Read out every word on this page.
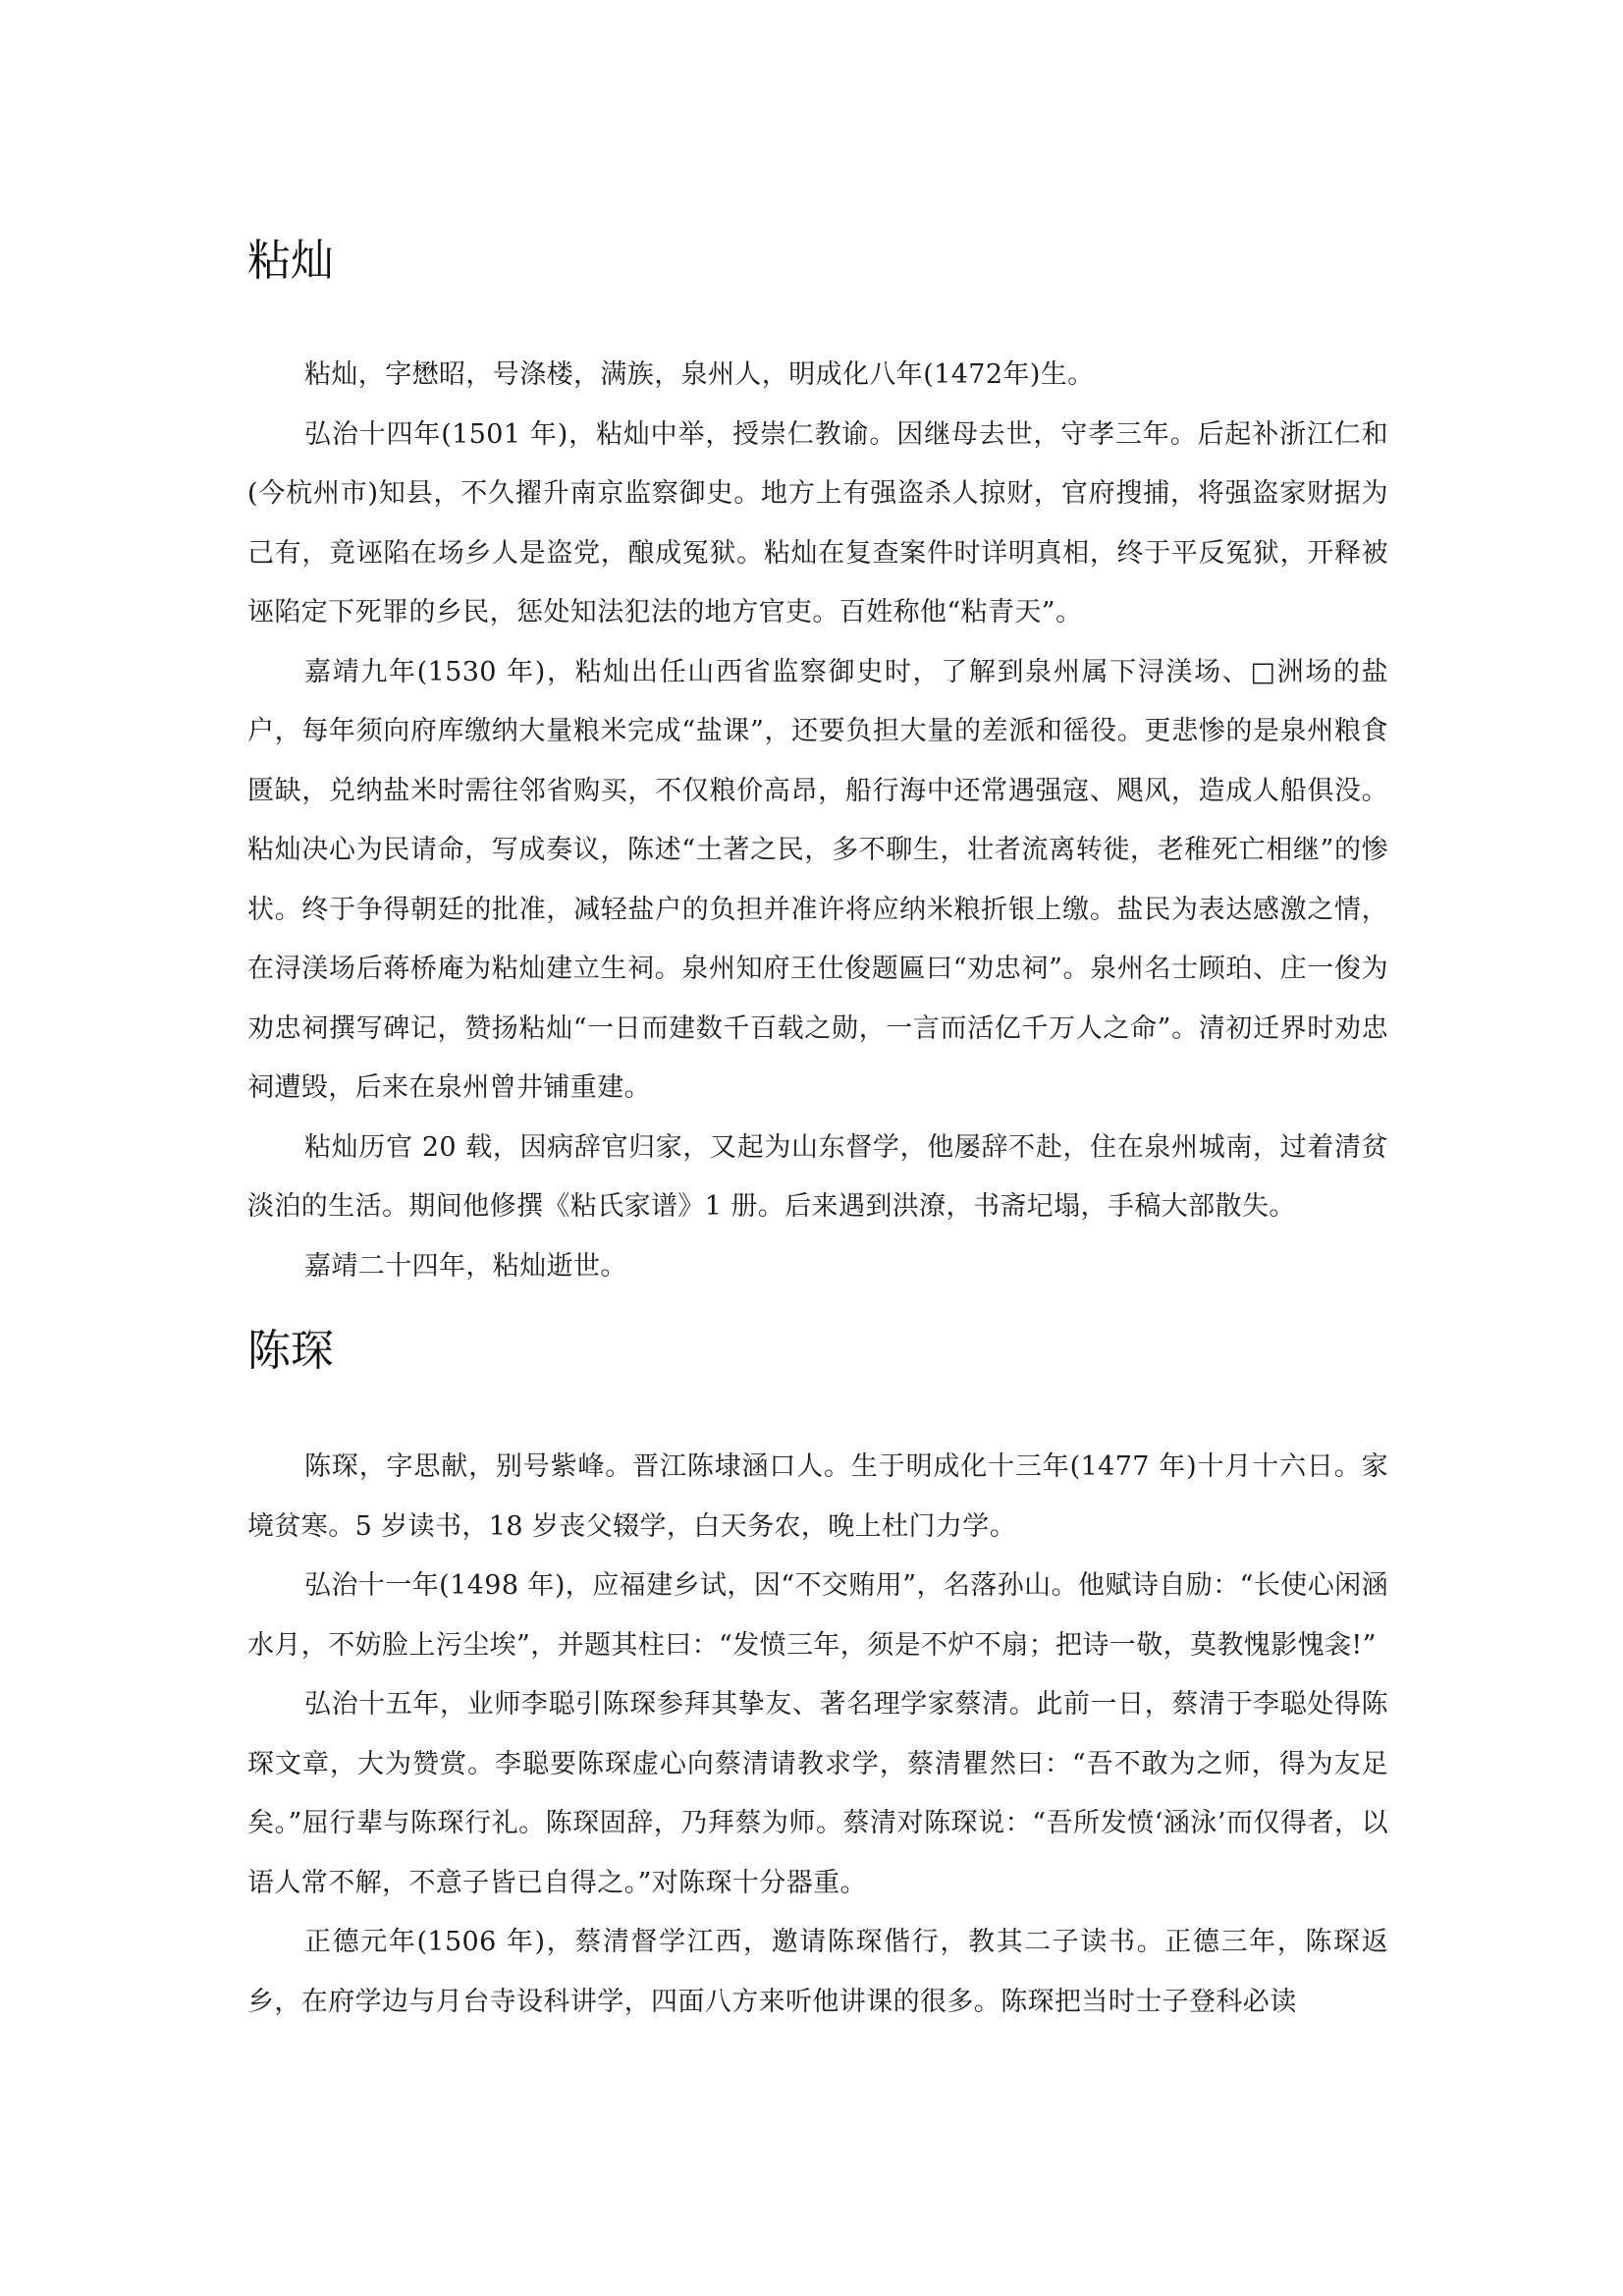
粘灿

粘灿，字懋昭，号涤楼，满族，泉州人，明成化八年(1472年)生。

弘治十四年(1501 年)，粘灿中举，授崇仁教谕。因继母去世，守孝三年。后起补浙江仁和(今杭州市)知县，不久擢升南京监察御史。地方上有强盗杀人掠财，官府搜捕，将强盗家财据为己有，竟诬陷在场乡人是盗党，酿成冤狱。粘灿在复查案件时详明真相，终于平反冤狱，开释被诬陷定下死罪的乡民，惩处知法犯法的地方官吏。百姓称他“粘青天”。

嘉靖九年(1530 年)，粘灿出任山西省监察御史时，了解到泉州属下浔渼场、□洲场的盐户，每年须向府库缴纳大量粮米完成“盐课”，还要负担大量的差派和徭役。更悲惨的是泉州粮食匮缺，兑纳盐米时需往邻省购买，不仅粮价高昂，船行海中还常遇强寇、飓风，造成人船俱没。粘灿决心为民请命，写成奏议，陈述“土著之民，多不聊生，壮者流离转徙，老稚死亡相继”的惨状。终于争得朝廷的批准，减轻盐户的负担并准许将应纳米粮折银上缴。盐民为表达感激之情，在浔渼场后蒋桥庵为粘灿建立生祠。泉州知府王仕俊题匾曰“劝忠祠”。泉州名士顾珀、庄一俊为劝忠祠撰写碑记，赞扬粘灿“一日而建数千百载之勋，一言而活亿千万人之命”。清初迁界时劝忠祠遭毁，后来在泉州曾井铺重建。

粘灿历官 20 载，因病辞官归家，又起为山东督学，他屡辞不赴，住在泉州城南，过着清贫淡泊的生活。期间他修撰《粘氏家谱》1 册。后来遇到洪潦，书斋圮塌，手稿大部散失。

嘉靖二十四年，粘灿逝世。

陈琛

陈琛，字思献，别号紫峰。晋江陈埭涵口人。生于明成化十三年(1477 年)十月十六日。家境贫寒。5 岁读书，18 岁丧父辍学，白天务农，晚上杜门力学。

弘治十一年(1498 年)，应福建乡试，因“不交贿用”，名落孙山。他赋诗自励：“长使心闲涵水月，不妨脸上污尘埃”，并题其柱曰：“发愤三年，须是不炉不扇；把诗一敬，莫教愧影愧衾!”

弘治十五年，业师李聪引陈琛参拜其挚友、著名理学家蔡清。此前一日，蔡清于李聪处得陈琛文章，大为赞赏。李聪要陈琛虚心向蔡清请教求学，蔡清瞿然曰：“吾不敢为之师，得为友足矣。”屈行辈与陈琛行礼。陈琛固辞，乃拜蔡为师。蔡清对陈琛说：“吾所发愤‘涵泳’而仅得者，以语人常不解，不意子皆已自得之。”对陈琛十分器重。

正德元年(1506 年)，蔡清督学江西，邀请陈琛偕行，教其二子读书。正德三年，陈琛返乡，在府学边与月台寺设科讲学，四面八方来听他讲课的很多。陈琛把当时士子登科必读
